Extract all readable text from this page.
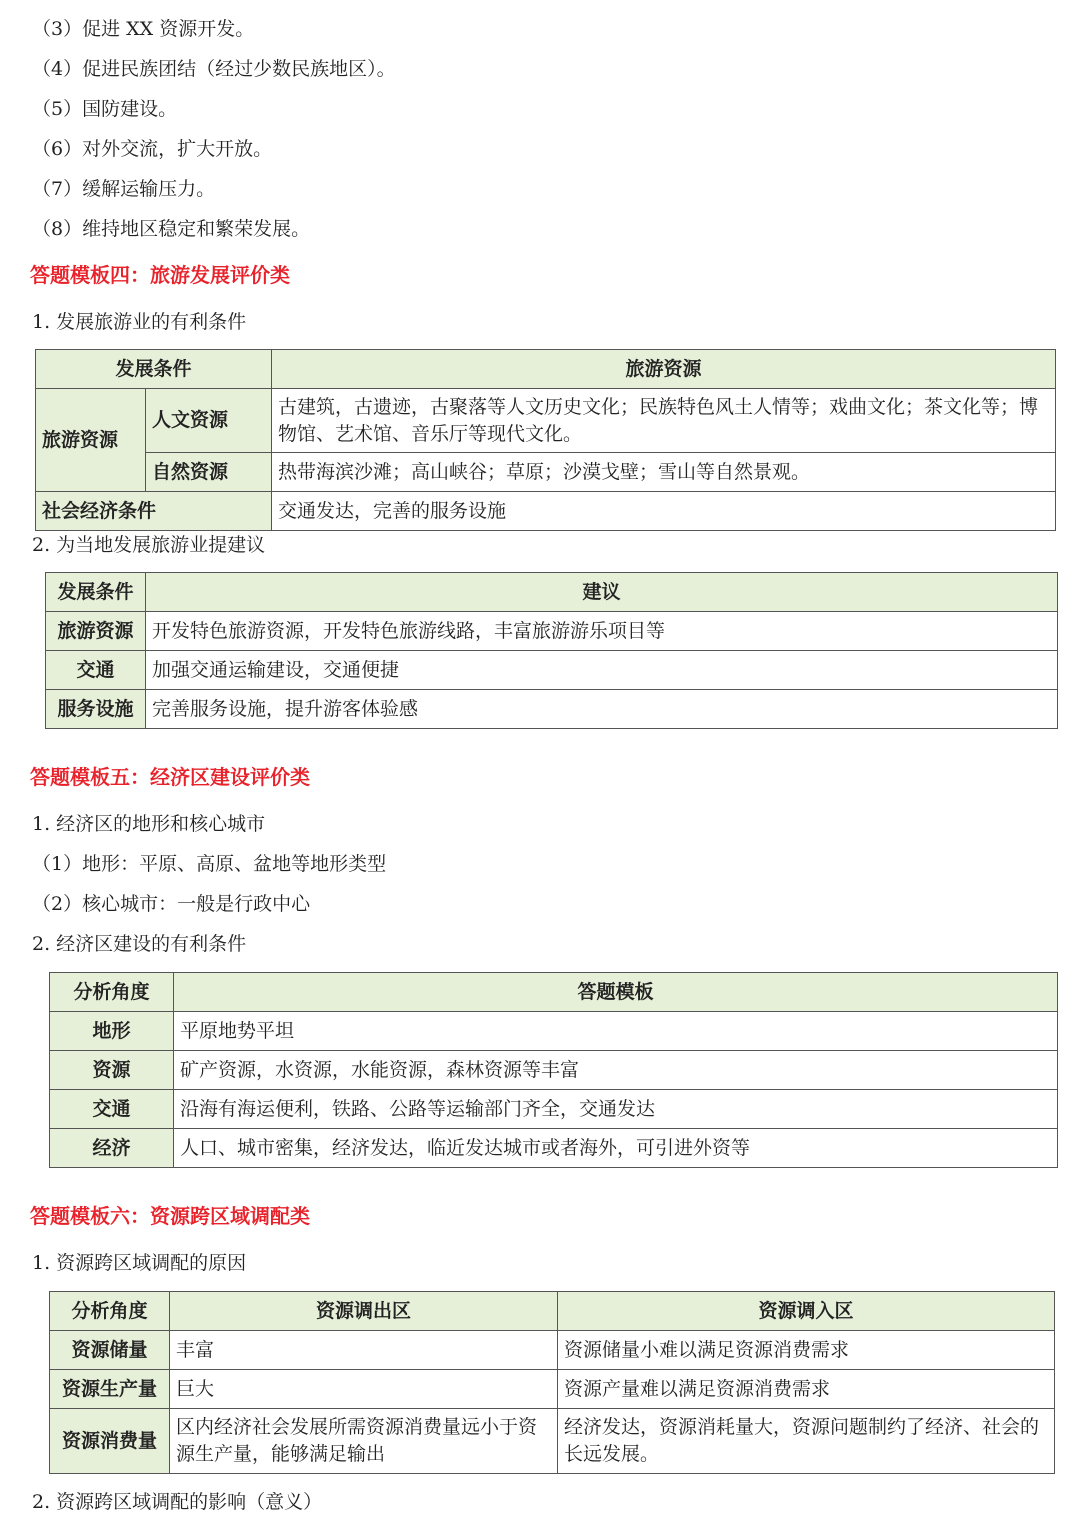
（3）促进 XX 资源开发。
（4）促进民族团结（经过少数民族地区）。
（5）国防建设。
（6）对外交流，扩大开放。
（7）缓解运输压力。
（8）维持地区稳定和繁荣发展。
答题模板四：旅游发展评价类
1. 发展旅游业的有利条件
发展条件		旅游资源
旅游资源	人文资源	古建筑，古遗迹，古聚落等人文历史文化；民族特色风土人情等；戏曲文化；茶文化等；博物馆、艺术馆、音乐厅等现代文化。
	自然资源	热带海滨沙滩；高山峡谷；草原；沙漠戈壁；雪山等自然景观。
社会经济条件		交通发达，完善的服务设施
2. 为当地发展旅游业提建议
发展条件	建议
旅游资源	开发特色旅游资源，开发特色旅游线路，丰富旅游游乐项目等
交通	加强交通运输建设，交通便捷
服务设施	完善服务设施，提升游客体验感
答题模板五：经济区建设评价类
1. 经济区的地形和核心城市
（1）地形：平原、高原、盆地等地形类型
（2）核心城市：一般是行政中心
2. 经济区建设的有利条件
分析角度	答题模板
地形	平原地势平坦
资源	矿产资源，水资源，水能资源，森林资源等丰富
交通	沿海有海运便利，铁路、公路等运输部门齐全，交通发达
经济	人口、城市密集，经济发达，临近发达城市或者海外，可引进外资等
答题模板六：资源跨区域调配类
1. 资源跨区域调配的原因
分析角度	资源调出区	资源调入区
资源储量	丰富	资源储量小难以满足资源消费需求
资源生产量	巨大	资源产量难以满足资源消费需求
资源消费量	区内经济社会发展所需资源消费量远小于资源生产量，能够满足输出	经济发达，资源消耗量大，资源问题制约了经济、社会的长远发展。
2. 资源跨区域调配的影响（意义）
